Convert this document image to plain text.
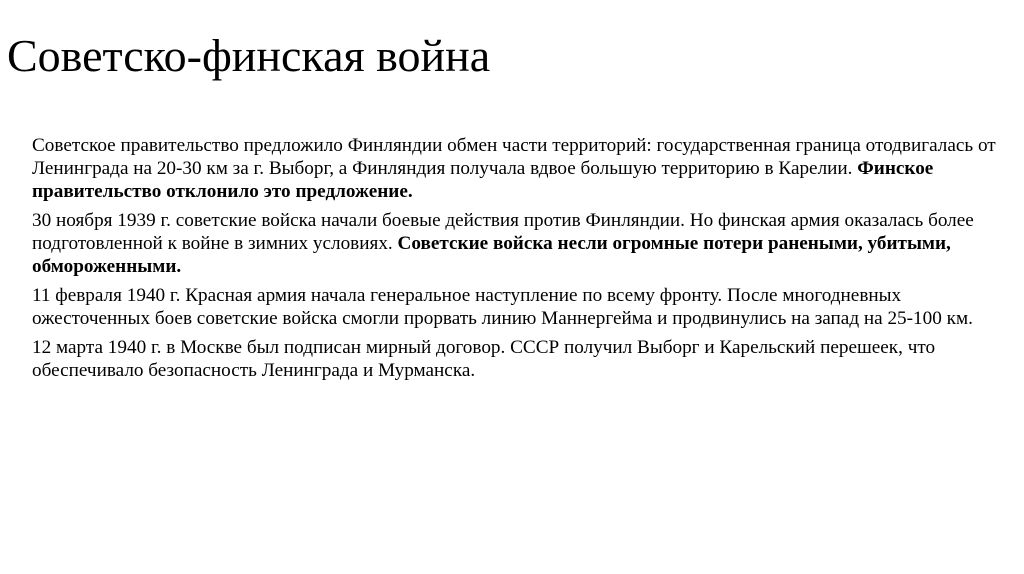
Советско-финская война

Советское правительство предложило Финляндии обмен части территорий: государственная граница отодвигалась от Ленинграда на 20-30 км за г. Выборг, а Финляндия получала вдвое большую территорию в Карелии. Финское правительство отклонило это предложение.

30 ноября 1939 г. советские войска начали боевые действия против Финляндии. Но финская армия оказалась более подготовленной к войне в зимних условиях. Советские войска несли огромные потери ранеными, убитыми, обмороженными.

11 февраля 1940 г. Красная армия начала генеральное наступление по всему фронту. После многодневных ожесточенных боев советские войска смогли прорвать линию Маннергейма и продвинулись на запад на 25-100 км.

12 марта 1940 г. в Москве был подписан мирный договор. СССР получил Выборг и Карельский перешеек, что обеспечивало безопасность Ленинграда и Мурманска.
